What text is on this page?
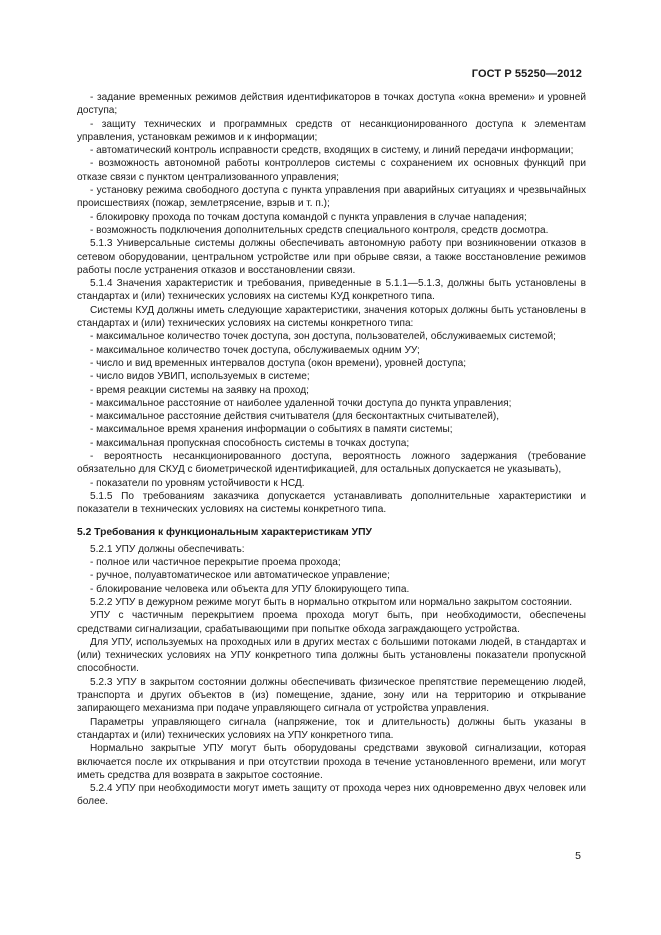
ГОСТ Р 55250—2012

- задание временных режимов действия идентификаторов в точках доступа «окна времени» и уровней доступа;

- защиту технических и программных средств от несанкционированного доступа к элементам управления, установкам режимов и к информации;

- автоматический контроль исправности средств, входящих в систему, и линий передачи информации;

- возможность автономной работы контроллеров системы с сохранением их основных функций при отказе связи с пунктом централизованного управления;

- установку режима свободного доступа с пункта управления при аварийных ситуациях и чрезвычайных происшествиях (пожар, землетрясение, взрыв и т. п.);

- блокировку прохода по точкам доступа командой с пункта управления в случае нападения;

- возможность подключения дополнительных средств специального контроля, средств досмотра.

5.1.3 Универсальные системы должны обеспечивать автономную работу при возникновении отказов в сетевом оборудовании, центральном устройстве или при обрыве связи, а также восстановление режимов работы после устранения отказов и восстановлении связи.

5.1.4 Значения характеристик и требования, приведенные в 5.1.1—5.1.3, должны быть установлены в стандартах и (или) технических условиях на системы КУД конкретного типа.

Системы КУД должны иметь следующие характеристики, значения которых должны быть установлены в стандартах и (или) технических условиях на системы конкретного типа:

- максимальное количество точек доступа, зон доступа, пользователей, обслуживаемых системой;

- максимальное количество точек доступа, обслуживаемых одним УУ;

- число и вид временных интервалов доступа (окон времени), уровней доступа;

- число видов УВИП, используемых в системе;

- время реакции системы на заявку на проход;

- максимальное расстояние от наиболее удаленной точки доступа до пункта управления;

- максимальное расстояние действия считывателя (для бесконтактных считывателей),

- максимальное время хранения информации о событиях в памяти системы;

- максимальная пропускная способность системы в точках доступа;

- вероятность несанкционированного доступа, вероятность ложного задержания (требование обязательно для СКУД с биометрической идентификацией, для остальных допускается не указывать),

- показатели по уровням устойчивости к НСД.

5.1.5 По требованиям заказчика допускается устанавливать дополнительные характеристики и показатели в технических условиях на системы конкретного типа.

5.2 Требования к функциональным характеристикам УПУ

5.2.1 УПУ должны обеспечивать:

- полное или частичное перекрытие проема прохода;

- ручное, полуавтоматическое или автоматическое управление;

- блокирование человека или объекта для УПУ блокирующего типа.

5.2.2 УПУ в дежурном режиме могут быть в нормально открытом или нормально закрытом состоянии.

УПУ с частичным перекрытием проема прохода могут быть, при необходимости, обеспечены средствами сигнализации, срабатывающими при попытке обхода заграждающего устройства.

Для УПУ, используемых на проходных или в других местах с большими потоками людей, в стандартах и (или) технических условиях на УПУ конкретного типа должны быть установлены показатели пропускной способности.

5.2.3 УПУ в закрытом состоянии должны обеспечивать физическое препятствие перемещению людей, транспорта и других объектов в (из) помещение, здание, зону или на территорию и открывание запирающего механизма при подаче управляющего сигнала от устройства управления.

Параметры управляющего сигнала (напряжение, ток и длительность) должны быть указаны в стандартах и (или) технических условиях на УПУ конкретного типа.

Нормально закрытые УПУ могут быть оборудованы средствами звуковой сигнализации, которая включается после их открывания и при отсутствии прохода в течение установленного времени, или могут иметь средства для возврата в закрытое состояние.

5.2.4 УПУ при необходимости могут иметь защиту от прохода через них одновременно двух человек или более.

5
